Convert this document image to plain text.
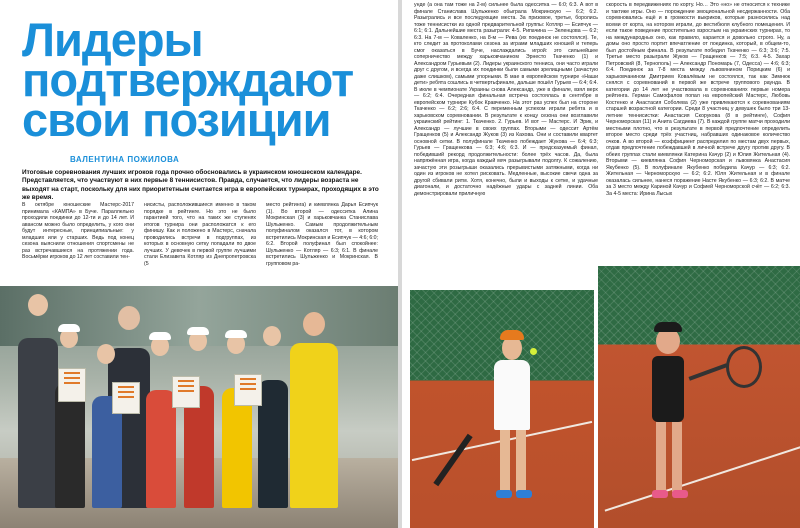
Лидеры подтверждают свои позиции
ВАЛЕНТИНА ПОЖИЛОВА

Итоговые соревнования лучших игроков года прочно обосновались в украинском юношеском календаре. Представляется, что участвуют в них первые 8 теннисистов. Правда, случается, что лидеры возраста не выходят на старт, поскольку для них приоритетным считается игра в европейских турнирах, проходящих в это же время.

В октябре юношеские Мастерс-2017 принимала «КАМПА» в Буче. Параллельно проходили поединки до 12-ти и до 14 лет. И авансом можно было определить, у кого они будут интересные, принципиальные: у младших или у старших. Ведь под конец сезона выяснили отношения спортсмены не раз встречавшиеся на протяжении года. Восьмёрки игроков до 12 лет составили тен-

нисисты, расположившиеся именно в таком порядке в рейтинге. Но это не было гарантией того, что на таких же ступенях итогов турнира они расположатся к его финишу. Как и положено в Мастерс, сначала проводились встречи в подгруппах, из которых в основную сетку попадали по двое лучших. У девочек в первой группе лучшими стали Елизавета Котляр из Днепропетровска (5

место рейтинга) и киевлянка Дарья Есипчук (1). Во второй — одесситка Алина Мокринская (3) и харьковчанка Станислава Шульженко. Самым продолжительным полуфиналом оказался тот, в котором встретились Мокринская и Есипчук — 4:6; 6:0; 6:2. Второй полуфинал был спокойнее: Шульженко — Котляр — 6:3; 6:1. В финале встретились Шульженко и Мокринская. В групповом ра-

унде (а она там тоже на 2-м) сильнее была одесситка — 6:0; 6:3. А вот в финале Станислава Шульженко обыграла Мокринскую — 6:2; 6:2. Разыгрались и все последующие места. За призовое, третье, боролись тоже теннисистки из одной предварительной группы: Котляр — Есипчук — 6:1; 6:1. Дальнейшие места разыграли: 4-5. Рипачина — Зеленцова — 6:2; 6:3. На 7-м — Коваленко, на 8-м — Рева (их поединок не состоялся). Те, кто следит за протоколами сезона за играми младших юношей и теперь смог оказаться в Буче, наслаждались игрой: это сильнейшее соперничество между харьковчанином Эрнесто Ткаченко (1) и Александром Гурьевым (2). Лидеры украинского тенниса, они часто играли друг с другом, и всегда их поединки были самыми зрелищными (зачастую даже слишком), самыми упорными. В мае в европейском турнире «Наши дети» ребята сошлись в четвертьфинале, дальше пошёл Гурьев — 6:4; 6:4. В июле в чемпионате Украины снова Александр, уже в финале, взял верх — 6:2; 6:4. Очередная финальная встреча состоялась в сентябре в европейском турнире Кубок Кравченко. На этот раз успех был на стороне Ткаченко — 6:2; 2:6; 6:4. С переменным успехом играли ребята и в харьковском соревновании. В результате к концу сезона они возглавили украинский рейтинг: 1. Ткаченко. 2. Гурьев. И вот — Мастерс. И Эрик, и Александр — лучшие в своих группах. Вторыми — одессит Артём Гращенков (5) и Александр Жуков (3) из Кахова. Они и составили квартет основной сетки. В полуфинале Ткаченко побеждает Жукова — 6:4; 6:3; Гурьев — Гращенкова — 6:3; 4:6; 6:3. И — предсказуемый финал, победивший рекорд продолжительности: более трёх часов. Да, была напряжённая игра, когда каждый мяч разыгрывали подолгу. К сожалению, зачастую эти розыгрыши оказались прерывистыми затяжными, когда ни один из игроков не хотел рисковать. Медленные, высокие свечи одна за другой сбивали ритм. Хотя, конечно, были и выходы к сетке, и удачные диагонали, и достаточно надёжные удары с задней линии. Оба демонстрировали приличную

скорость в передвижениях по корту. Но… Это «но» не относится к технике и тактике игры. Оно — порождение эмоциональной несдержанности. Оба соревновались ещё и в громкости выкриков, которые разносились над всеми от корта, на котором играли, до вестибюля клубного помещения. И если такое поведение простительно взрослым на украинских турнирах, то на международных оно, как правило, карается и довольно строго. Ну, а домы оно просто портит впечатление от поединка, который, в общем-то, был достойным финала. В результате победил Ткаченко — 6:3; 3:6; 7:5. Третье место разыграли Жуков — Гращенков — 7:5; 6:3. 4-5. Захар Петровский (8, Тернополь) — Александр Пономарь (7, Одесса) — 4:6; 6:3; 6:4. Поединок за 7-8 места между львовянином Порицким (6) и харьковчанином Дмитрием Ковалёвым не состоялся, так как Зимнюк снялся с соревнований в первой же встрече группового раунда. В категории до 14 лет не участвовала в соревнованиях первые номера рейтинга. Герман Самофалов попал на европейский Мастерс, Любовь Костенко и Анастасия Соболева (2) уже привлекаются к соревнованиям старшей возрастной категории. Среди 8 участниц у девушек было три 13-летние теннисистки: Анастасия Скорукова (8 в рейтинге), София Черноморская (11) и Анита Сагдиева (7). В каждой группе матчи проходили местными плотно, что в результате в первой предпочтение определить второе место среди трёх участниц, набравших одинаковое количество очков. А во второй — коэффициент распределил по местам двух первых, отдав предпочтение побеждавшей в личной встрече другу против другу. В обеих группах стали киевлянки Катерина Качур (2) и Юлия Жительная (4). Вторыми — киевлянка София Черноморская и львовянка Анастасия Якубенко (5). В полуфинале Якубенко победила Качур — 6:3; 6:2. Жительная — Черноморскую — 6:2; 6:2. Юля Жительная и в финале оказалась сильнее, нанеся поражение Насте Якубенко — 6:3; 6:2. В матче за 3 место между Кариной Качур и Софией Черноморской счёт — 6:2; 6:3. За 4-5 места: Ирина Лысых
